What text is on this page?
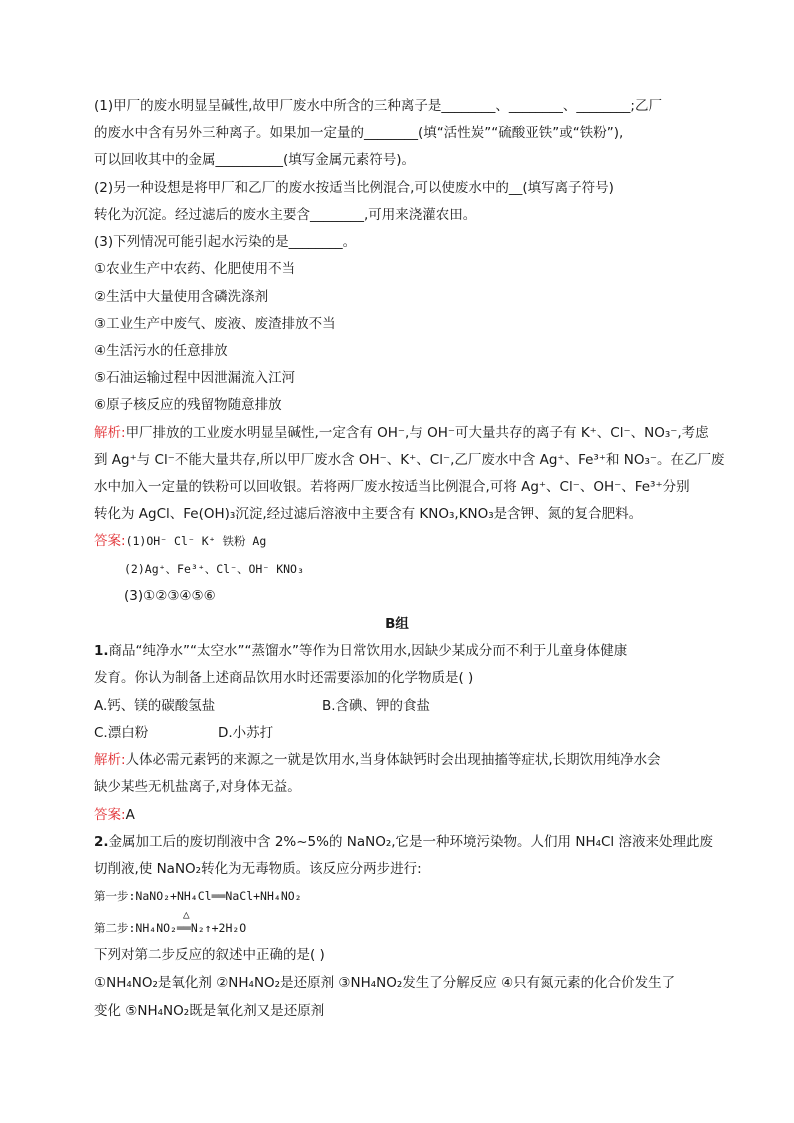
(1)甲厂的废水明显呈碱性,故甲厂废水中所含的三种离子是________、________、________;乙厂
的废水中含有另外三种离子。如果加一定量的________(填“活性炭”“硫酸亚铁”或“铁粉”),
可以回收其中的金属__________(填写金属元素符号)。
(2)另一种设想是将甲厂和乙厂的废水按适当比例混合,可以使废水中的__(填写离子符号)
转化为沉淀。经过滤后的废水主要含________,可用来浇灌农田。
(3)下列情况可能引起水污染的是________。
①农业生产中农药、化肥使用不当
②生活中大量使用含磷洗涤剂
③工业生产中废气、废液、废渣排放不当
④生活污水的任意排放
⑤石油运输过程中因泄漏流入江河
⑥原子核反应的残留物随意排放
解析:甲厂排放的工业废水明显呈碱性,一定含有 OH⁻,与 OH⁻可大量共存的离子有 K⁺、Cl⁻、NO₃⁻,考虑
到 Ag⁺与 Cl⁻不能大量共存,所以甲厂废水含 OH⁻、K⁺、Cl⁻,乙厂废水中含 Ag⁺、Fe³⁺和 NO₃⁻。在乙厂废
水中加入一定量的铁粉可以回收银。若将两厂废水按适当比例混合,可将 Ag⁺、Cl⁻、OH⁻、Fe³⁺分别
转化为 AgCl、Fe(OH)₃沉淀,经过滤后溶液中主要含有 KNO₃,KNO₃是含钾、氮的复合肥料。
答案:(1)OH⁻ Cl⁻ K⁺ 铁粉 Ag
(2)Ag⁺、Fe³⁺、Cl⁻、OH⁻ KNO₃
(3)①②③④⑤⑥
B组
1.商品“纯净水”“太空水”“蒸馏水”等作为日常饮用水,因缺少某成分而不利于儿童身体健康
发育。你认为制备上述商品饮用水时还需要添加的化学物质是( )
A.钙、镁的碳酸氢盐	B.含碘、钾的食盐
C.漂白粉	D.小苏打
解析:人体必需元素钙的来源之一就是饮用水,当身体缺钙时会出现抽搐等症状,长期饮用纯净水会
缺少某些无机盐离子,对身体无益。
答案:A
2.金属加工后的废切削液中含 2%~5%的 NaNO₂,它是一种环境污染物。人们用 NH₄Cl 溶液来处理此废
切削液,使 NaNO₂转化为无毒物质。该反应分两步进行:
第一步:NaNO₂+NH₄Cl══NaCl+NH₄NO₂
第二步:NH₄NO₂
△
══N₂↑+2H₂O
下列对第二步反应的叙述中正确的是( )
①NH₄NO₂是氧化剂 ②NH₄NO₂是还原剂 ③NH₄NO₂发生了分解反应 ④只有氮元素的化合价发生了
变化 ⑤NH₄NO₂既是氧化剂又是还原剂
